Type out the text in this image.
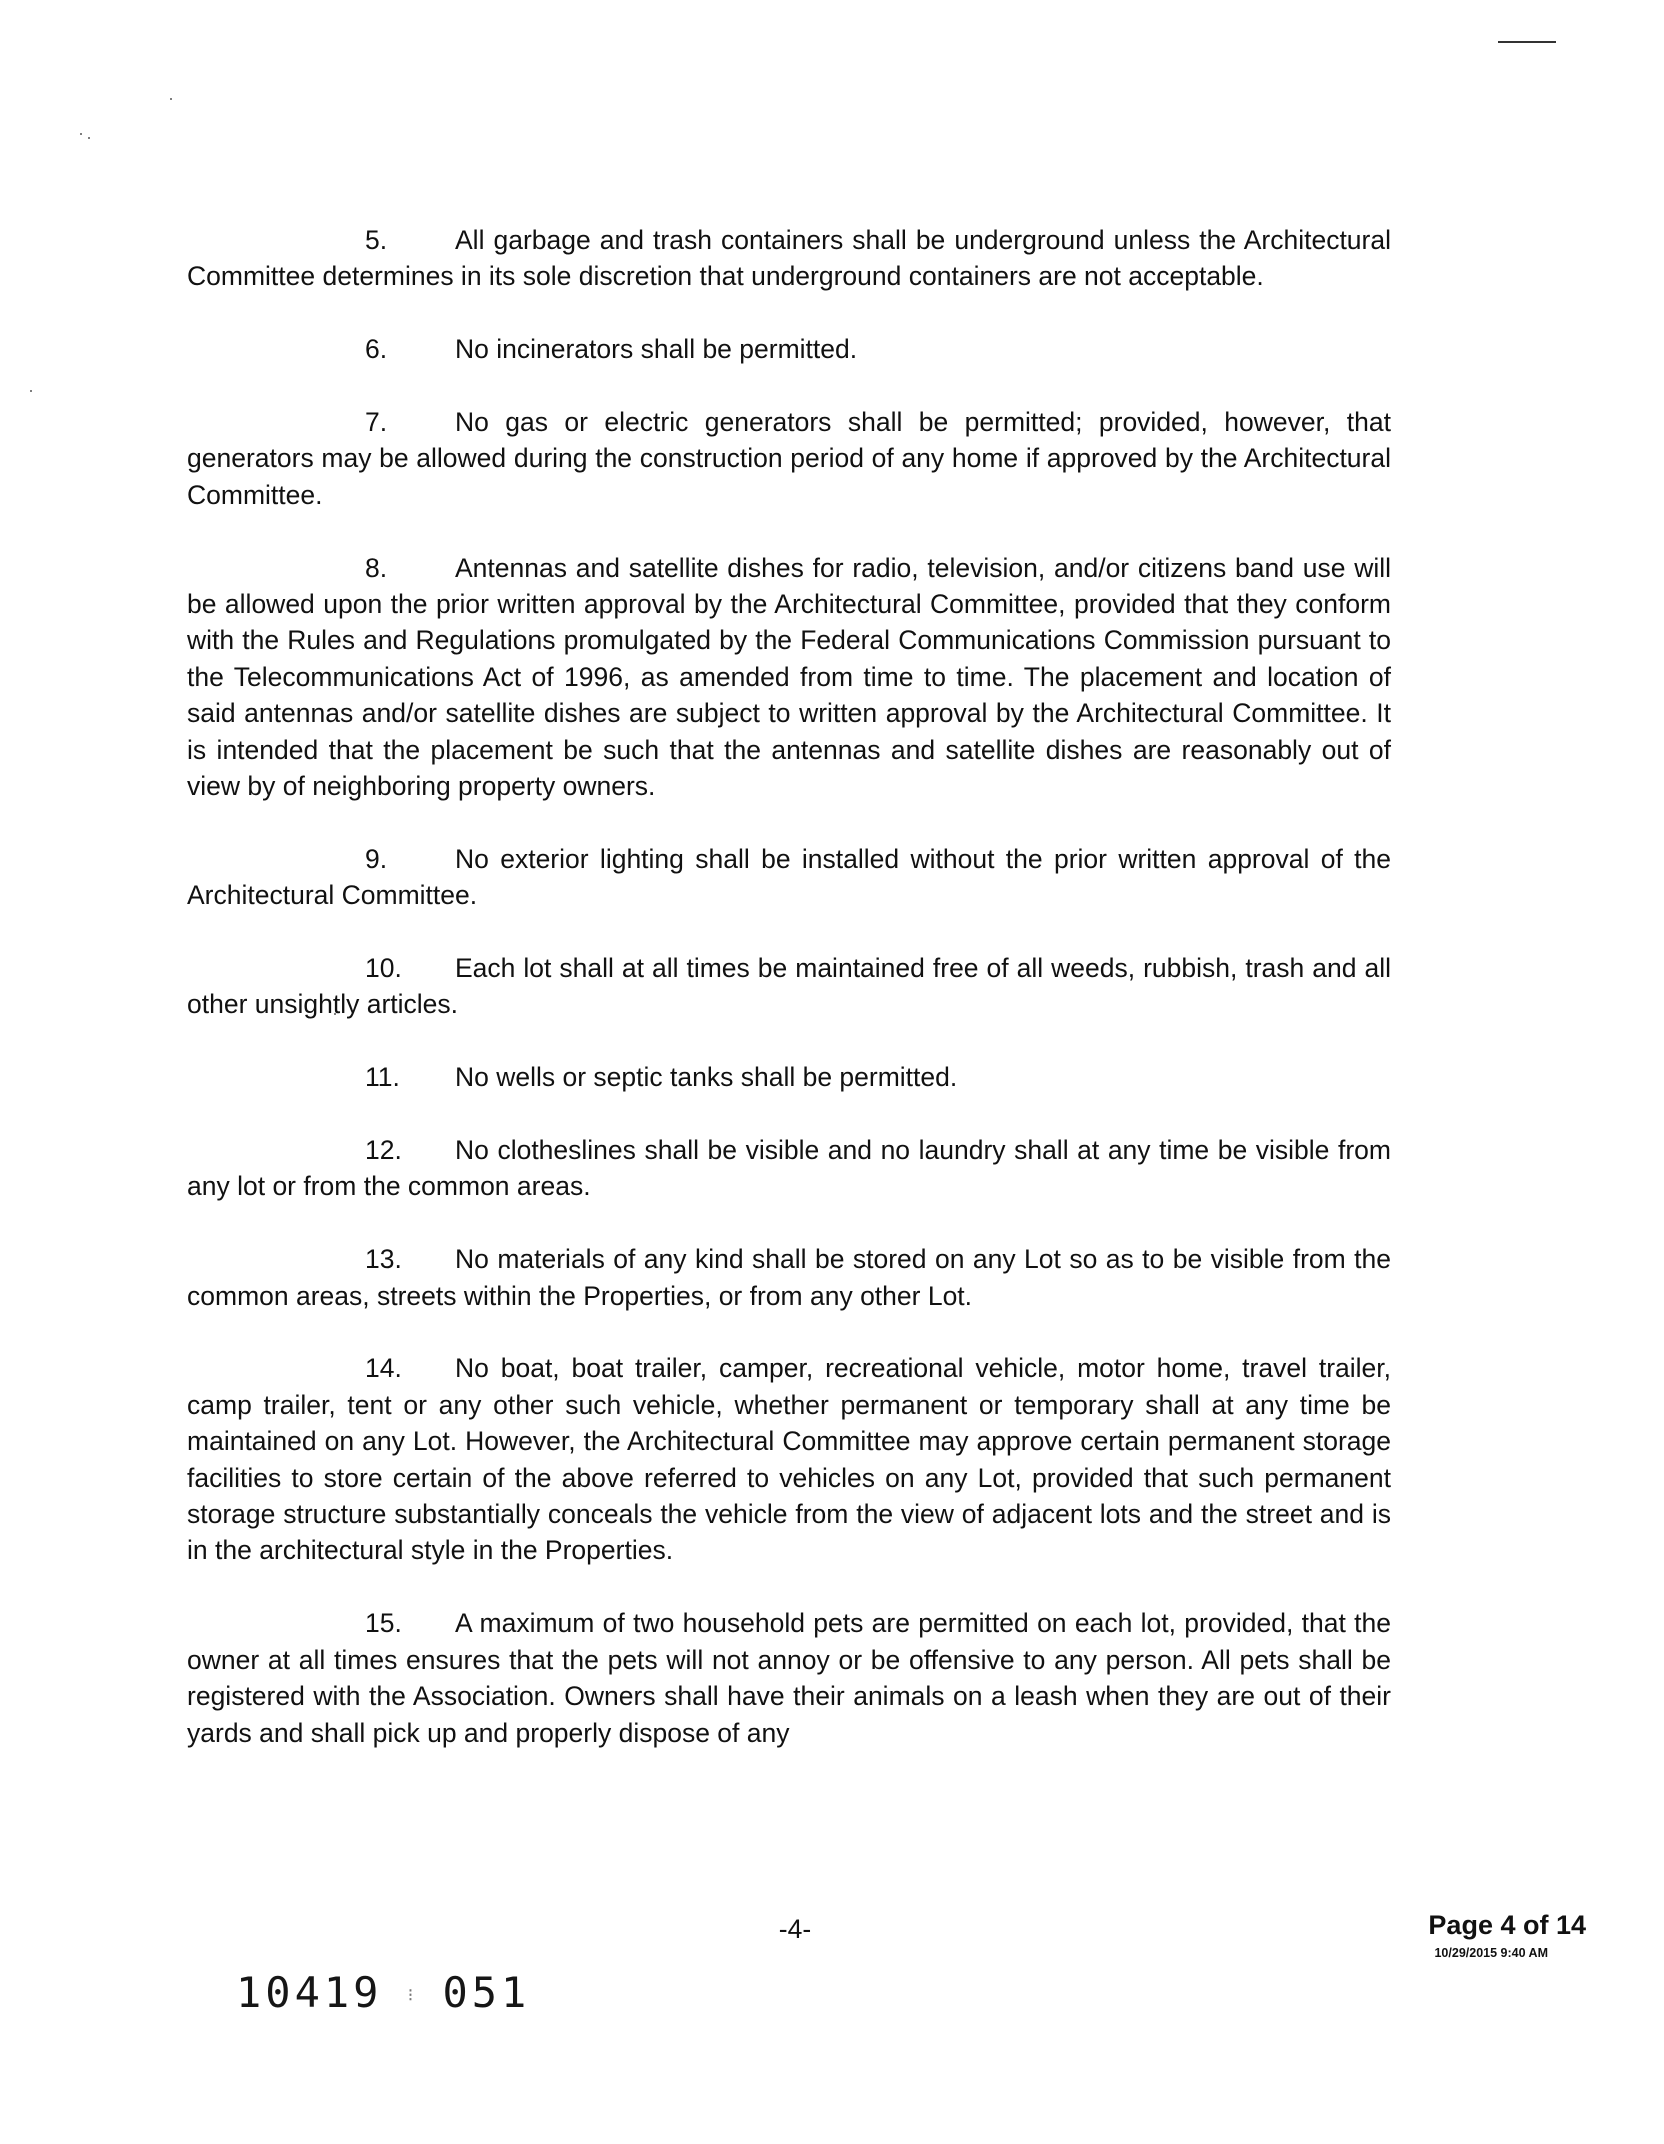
5.	All garbage and trash containers shall be underground unless the Architectural Committee determines in its sole discretion that underground containers are not acceptable.

6.	No incinerators shall be permitted.

7.	No gas or electric generators shall be permitted; provided, however, that generators may be allowed during the construction period of any home if approved by the Architectural Committee.

8.	Antennas and satellite dishes for radio, television, and/or citizens band use will be allowed upon the prior written approval by the Architectural Committee, provided that they conform with the Rules and Regulations promulgated by the Federal Communications Commission pursuant to the Telecommunications Act of 1996, as amended from time to time. The placement and location of said antennas and/or satellite dishes are subject to written approval by the Architectural Committee. It is intended that the placement be such that the antennas and satellite dishes are reasonably out of view by of neighboring property owners.

9.	No exterior lighting shall be installed without the prior written approval of the Architectural Committee.

10. Each lot shall at all times be maintained free of all weeds, rubbish, trash and all other unsightly articles.

11. No wells or septic tanks shall be permitted.

12. No clotheslines shall be visible and no laundry shall at any time be visible from any lot or from the common areas.

13. No materials of any kind shall be stored on any Lot so as to be visible from the common areas, streets within the Properties, or from any other Lot.

14. No boat, boat trailer, camper, recreational vehicle, motor home, travel trailer, camp trailer, tent or any other such vehicle, whether permanent or temporary shall at any time be maintained on any Lot. However, the Architectural Committee may approve certain permanent storage facilities to store certain of the above referred to vehicles on any Lot, provided that such permanent storage structure substantially conceals the vehicle from the view of adjacent lots and the street and is in the architectural style in the Properties.

15. A maximum of two household pets are permitted on each lot, provided, that the owner at all times ensures that the pets will not annoy or be offensive to any person. All pets shall be registered with the Association. Owners shall have their animals on a leash when they are out of their yards and shall pick up and properly dispose of any

-4-	Page 4 of 14
10/29/2015 9:40 AM
10419 ⁝ 051
